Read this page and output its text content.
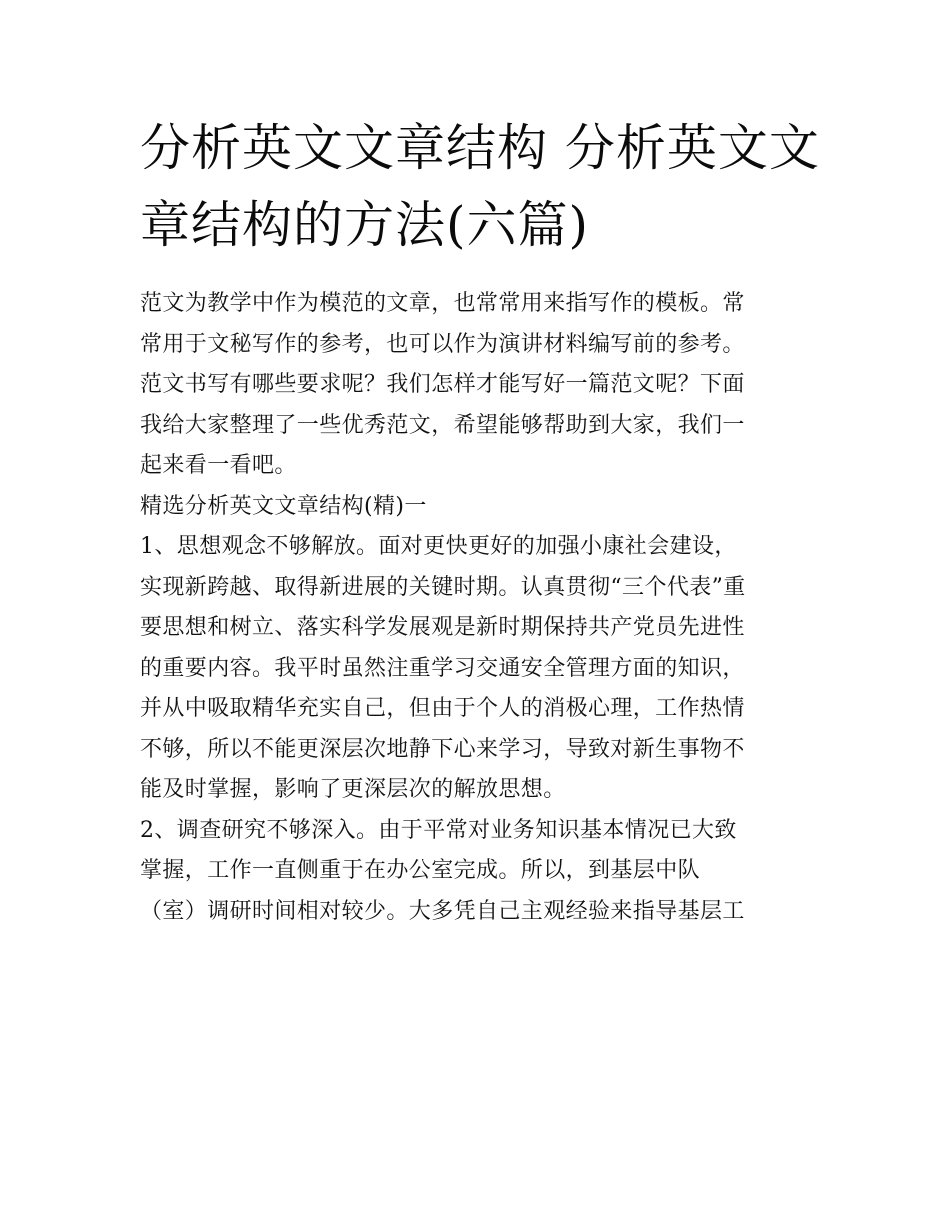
分析英文文章结构 分析英文文
章结构的方法(六篇)
范文为教学中作为模范的文章，也常常用来指写作的模板。常
常用于文秘写作的参考，也可以作为演讲材料编写前的参考。
范文书写有哪些要求呢？我们怎样才能写好一篇范文呢？下面
我给大家整理了一些优秀范文，希望能够帮助到大家，我们一
起来看一看吧。
精选分析英文文章结构(精)一
1、思想观念不够解放。面对更快更好的加强小康社会建设，
实现新跨越、取得新进展的关键时期。认真贯彻“三个代表”重
要思想和树立、落实科学发展观是新时期保持共产党员先进性
的重要内容。我平时虽然注重学习交通安全管理方面的知识，
并从中吸取精华充实自己，但由于个人的消极心理，工作热情
不够，所以不能更深层次地静下心来学习，导致对新生事物不
能及时掌握，影响了更深层次的解放思想。
2、调查研究不够深入。由于平常对业务知识基本情况已大致
掌握，工作一直侧重于在办公室完成。所以，到基层中队
（室）调研时间相对较少。大多凭自己主观经验来指导基层工
